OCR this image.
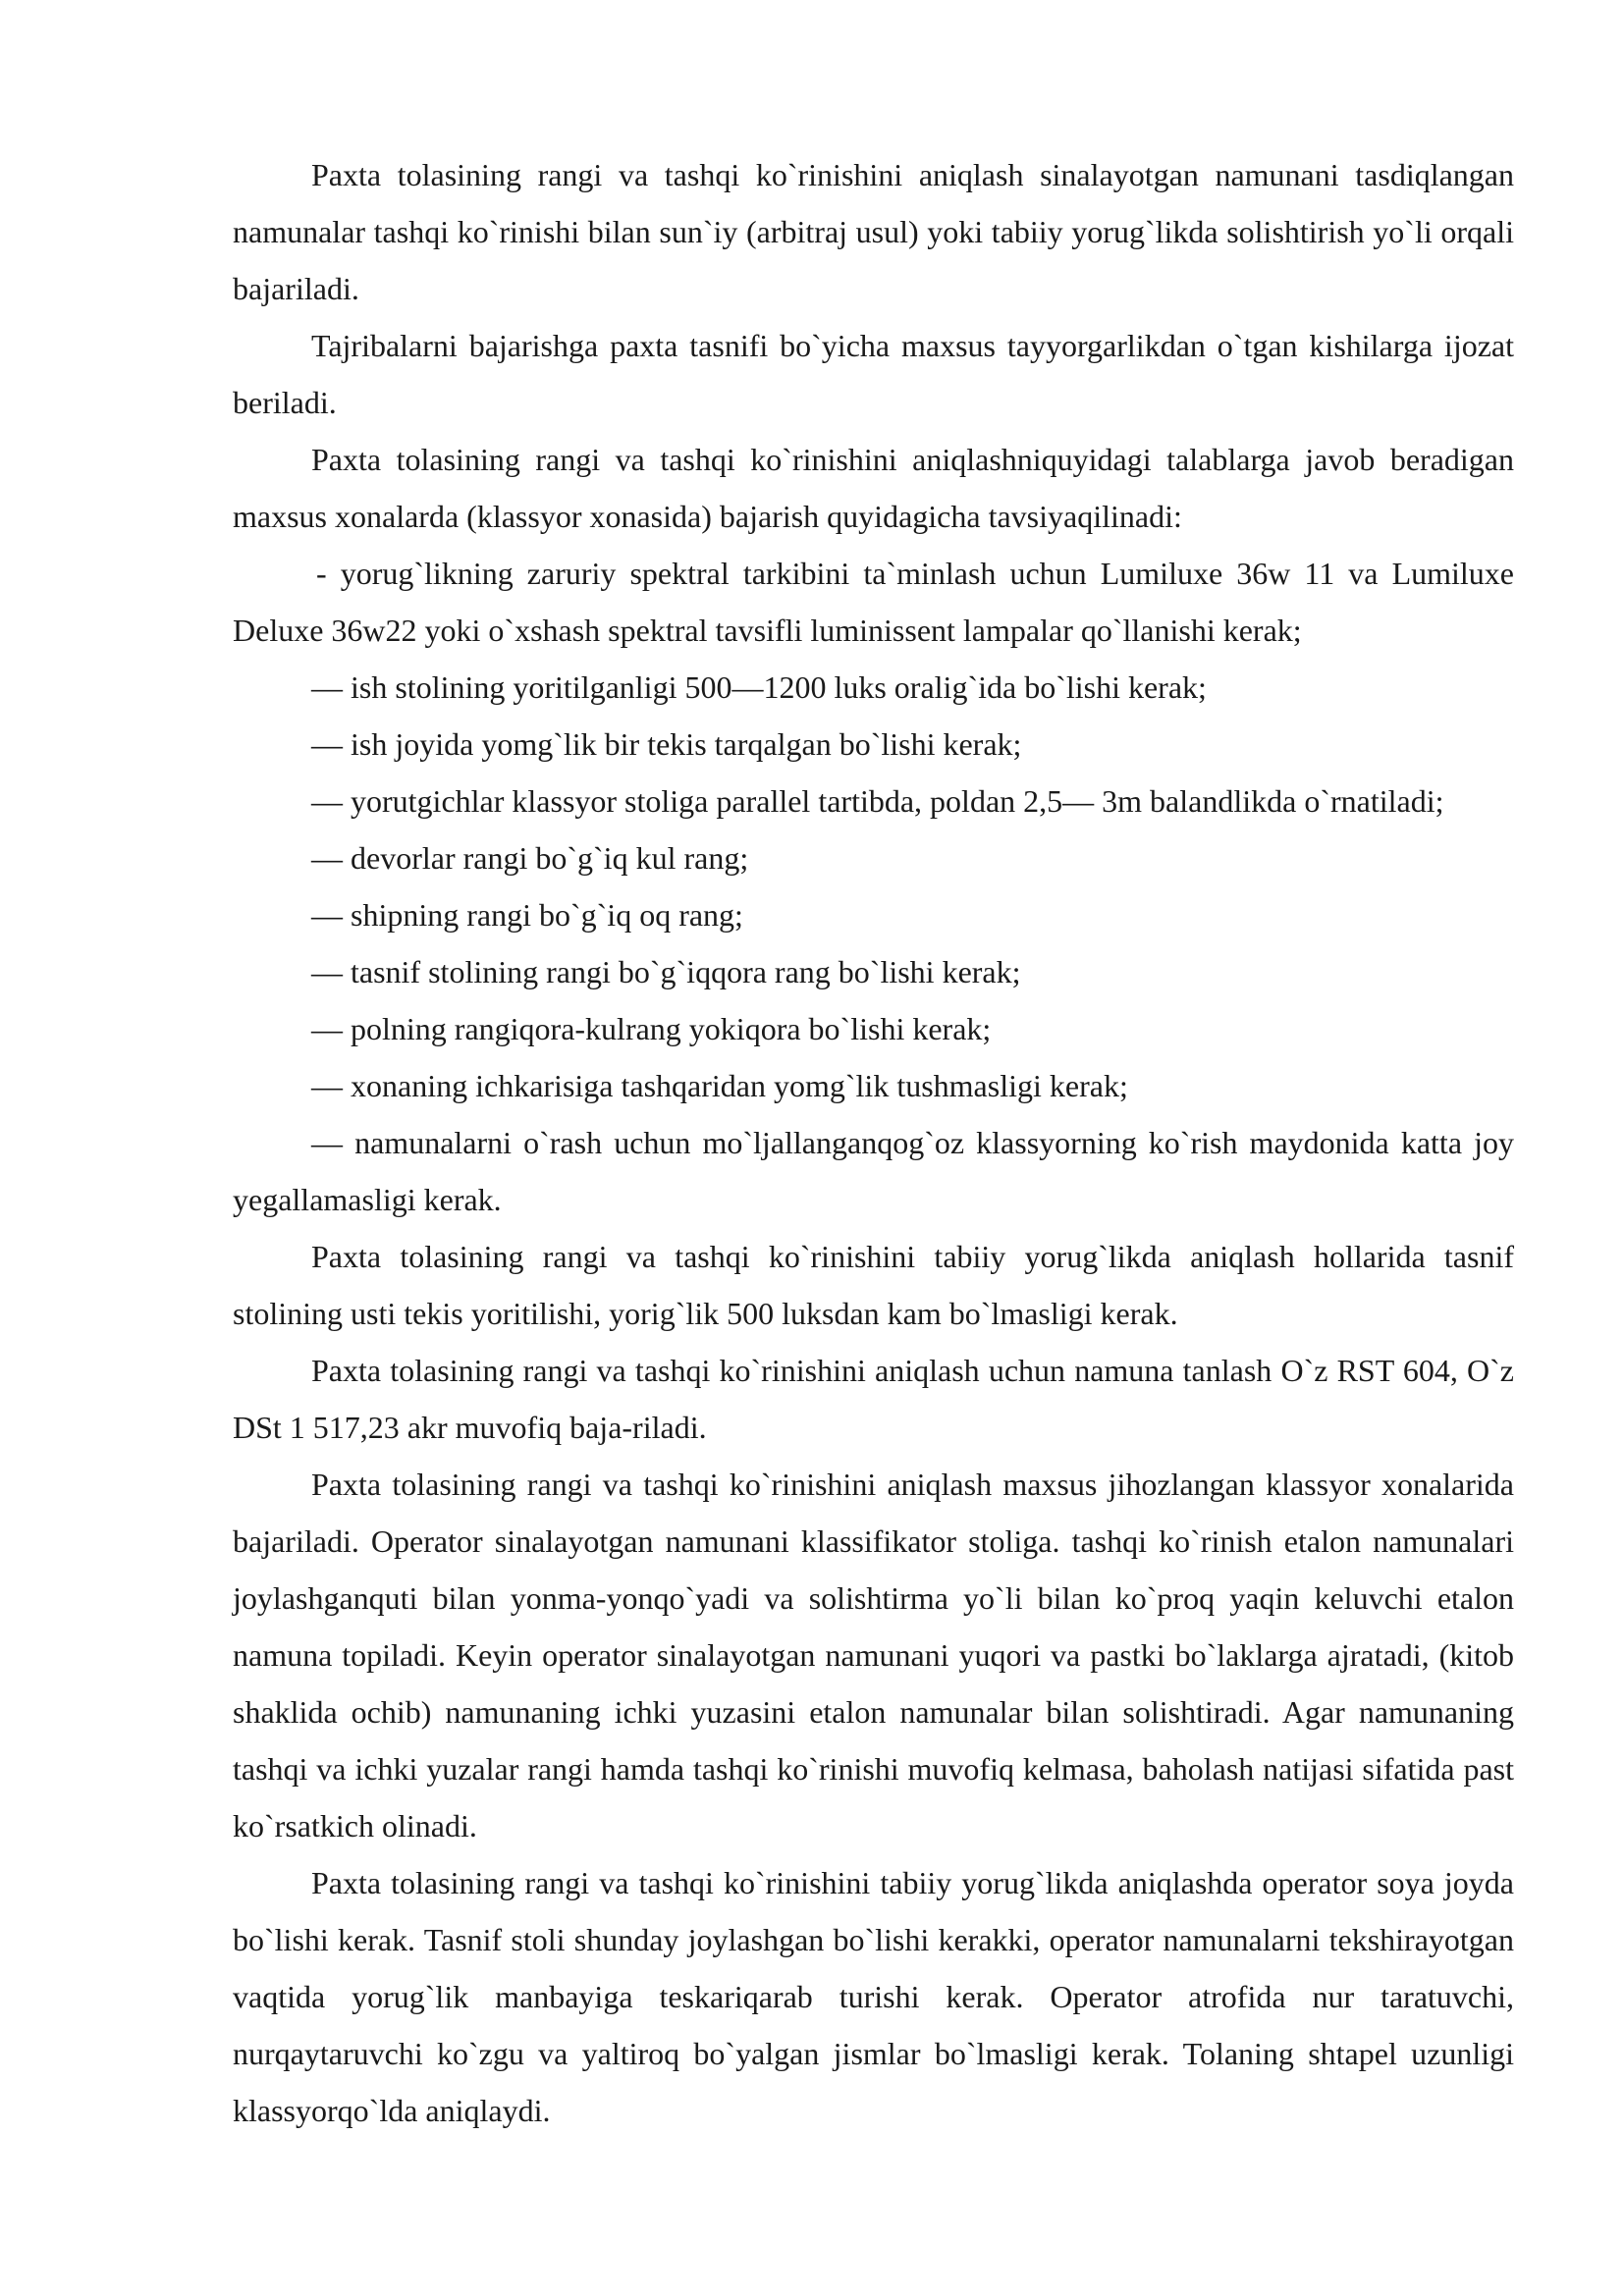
Paxta tolasining rangi va tashqi ko`rinishini aniqlash sinalayotgan namunani tasdiqlangan namunalar tashqi ko`rinishi bilan sun`iy (arbitraj usul) yoki tabiiy yorug`likda solishtirish yo`li orqali bajariladi.

Tajribalarni bajarishga paxta tasnifi bo`yicha maxsus tayyorgarlikdan o`tgan kishilarga ijozat beriladi.

Paxta tolasining rangi va tashqi ko`rinishini aniqlashniquyidagi talablarga javob beradigan maxsus xonalarda (klassyor xonasida) bajarish quyidagicha tavsiyaqilinadi:

- yorug`likning zaruriy spektral tarkibini ta`minlash uchun Lumiluxe 36w 11 va Lumiluxe Deluxe 36w22 yoki o`xshash spektral tavsifli luminissent lampalar qo`llanishi kerak;

— ish stolining yoritilganligi 500—1200 luks oralig`ida bo`lishi kerak;

— ish joyida yomg`lik bir tekis tarqalgan bo`lishi kerak;

— yorutgichlar klassyor stoliga parallel tartibda, poldan 2,5— 3m balandlikda o`rnatiladi;

— devorlar rangi bo`g`iq kul rang;

— shipning rangi bo`g`iq oq rang;

— tasnif stolining rangi bo`g`iqqora rang bo`lishi kerak;

— polning rangiqora-kulrang yokiqora bo`lishi kerak;

— xonaning ichkarisiga tashqaridan yomg`lik tushmasligi kerak;

— namunalarni o`rash uchun mo`ljallanganqog`oz klassyorning ko`rish maydonida katta joy yegallamasligi kerak.

Paxta tolasining rangi va tashqi ko`rinishini tabiiy yorug`likda aniqlash hollarida tasnif stolining usti tekis yoritilishi, yorig`lik 500 luksdan kam bo`lmasligi kerak.

Paxta tolasining rangi va tashqi ko`rinishini aniqlash uchun namuna tanlash O`z RST 604, O`z DSt 1 517,23 akr muvofiq baja-riladi.

Paxta tolasining rangi va tashqi ko`rinishini aniqlash maxsus jihozlangan klassyor xonalarida bajariladi. Operator sinalayotgan namunani klassifikator stoliga. tashqi ko`rinish etalon namunalari joylashganquti bilan yonma-yonqo`yadi va solishtirma yo`li bilan ko`proq yaqin keluvchi etalon namuna topiladi. Keyin operator sinalayotgan namunani yuqori va pastki bo`laklarga ajratadi, (kitob shaklida ochib) namunaning ichki yuzasini etalon namunalar bilan solishtiradi. Agar namunaning tashqi va ichki yuzalar rangi hamda tashqi ko`rinishi muvofiq kelmasa, baholash natijasi sifatida past ko`rsatkich olinadi.

Paxta tolasining rangi va tashqi ko`rinishini tabiiy yorug`likda aniqlashda operator soya joyda bo`lishi kerak. Tasnif stoli shunday joylashgan bo`lishi kerakki, operator namunalarni tekshirayotgan vaqtida yorug`lik manbayiga teskariqarab turishi kerak. Operator atrofida nur taratuvchi, nurqaytaruvchi ko`zgu va yaltiroq bo`yalgan jismlar bo`lmasligi kerak. Tolaning shtapel uzunligi klassyorqo`lda aniqlaydi.
